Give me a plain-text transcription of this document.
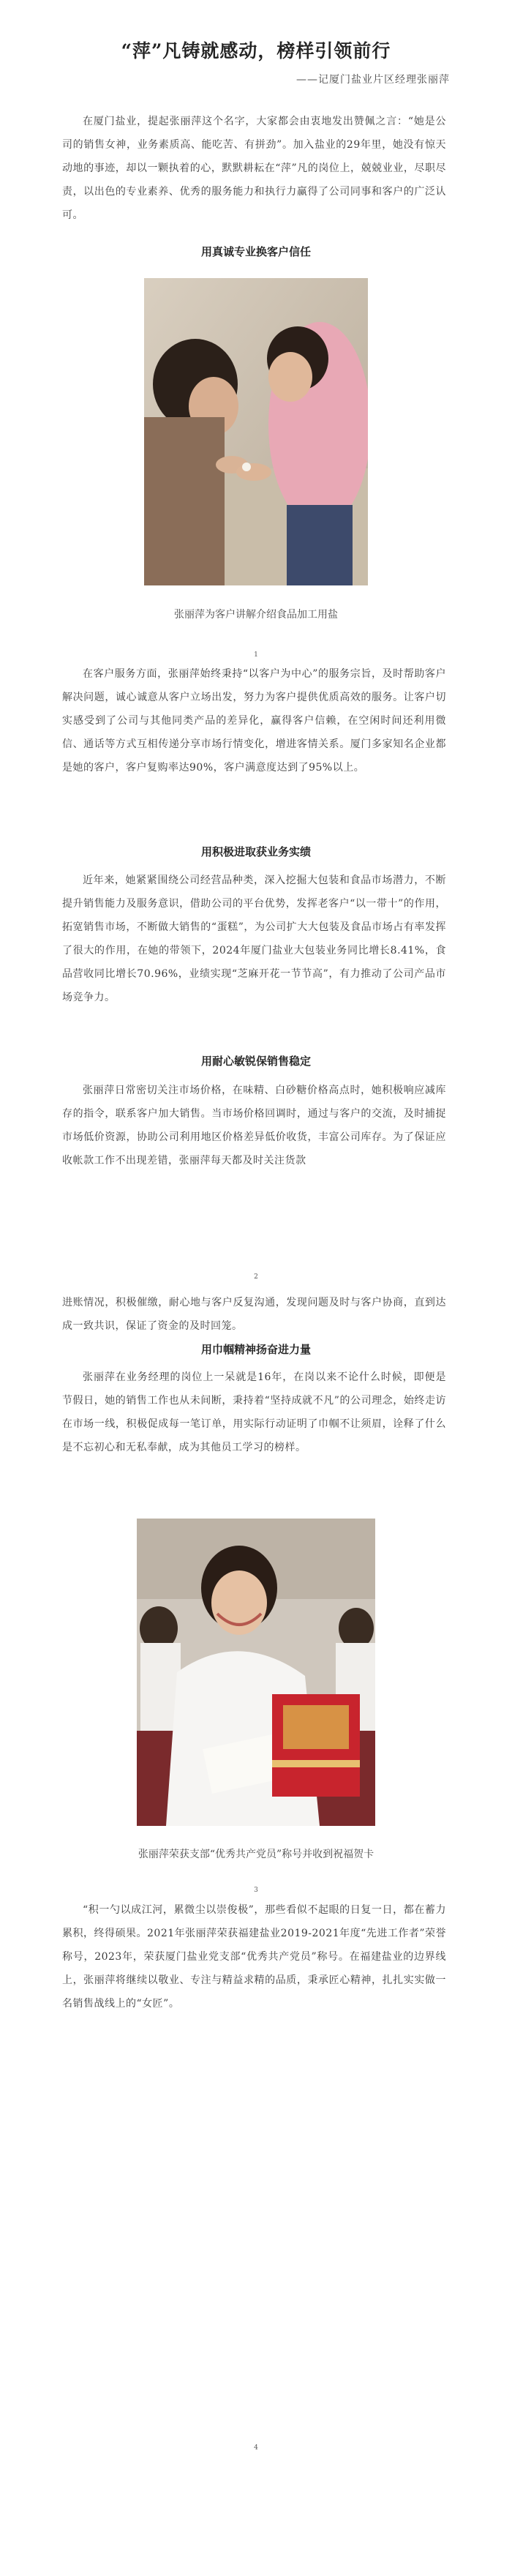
“萍”凡铸就感动，榜样引领前行
——记厦门盐业片区经理张丽萍

在厦门盐业，提起张丽萍这个名字，大家都会由衷地发出赞佩之言：“她是公司的销售女神，业务素质高、能吃苦、有拼劲”。加入盐业的29年里，她没有惊天动地的事迹，却以一颗执着的心，默默耕耘在“萍”凡的岗位上，兢兢业业，尽职尽责，以出色的专业素养、优秀的服务能力和执行力赢得了公司同事和客户的广泛认可。

用真诚专业换客户信任
张丽萍为客户讲解介绍食品加工用盐
1

在客户服务方面，张丽萍始终秉持“以客户为中心”的服务宗旨，及时帮助客户解决问题，诚心诚意从客户立场出发，努力为客户提供优质高效的服务。让客户切实感受到了公司与其他同类产品的差异化，赢得客户信赖，在空闲时间还利用微信、通话等方式互相传递分享市场行情变化，增进客情关系。厦门多家知名企业都是她的客户，客户复购率达90%，客户满意度达到了95%以上。

用积极进取获业务实绩

近年来，她紧紧围绕公司经营品种类，深入挖掘大包装和食品市场潜力，不断提升销售能力及服务意识，借助公司的平台优势，发挥老客户“以一带十”的作用，拓宽销售市场，不断做大销售的“蛋糕”，为公司扩大大包装及食品市场占有率发挥了很大的作用，在她的带领下，2024年厦门盐业大包装业务同比增长8.41%，食品营收同比增长70.96%，业绩实现“芝麻开花一节节高”，有力推动了公司产品市场竞争力。

用耐心敏锐保销售稳定

张丽萍日常密切关注市场价格，在味精、白砂糖价格高点时，她积极响应减库存的指令，联系客户加大销售。当市场价格回调时，通过与客户的交流，及时捕捉市场低价资源，协助公司利用地区价格差异低价收货，丰富公司库存。为了保证应收帐款工作不出现差错，张丽萍每天都及时关注货款

2

进账情况，积极催缴，耐心地与客户反复沟通，发现问题及时与客户协商，直到达成一致共识，保证了资金的及时回笼。

用巾帼精神扬奋进力量

张丽萍在业务经理的岗位上一呆就是16年，在岗以来不论什么时候，即便是节假日，她的销售工作也从未间断，秉持着“坚持成就不凡”的公司理念，始终走访在市场一线，积极促成每一笔订单，用实际行动证明了巾帼不让须眉，诠释了什么是不忘初心和无私奉献，成为其他员工学习的榜样。

张丽萍荣获支部“优秀共产党员”称号并收到祝福贺卡
3

“积一勺以成江河，累微尘以崇俊极”，那些看似不起眼的日复一日，都在蓄力累积，终得硕果。2021年张丽萍荣获福建盐业2019-2021年度“先进工作者”荣誉称号，2023年，荣获厦门盐业党支部“优秀共产党员”称号。在福建盐业的边界线上，张丽萍将继续以敬业、专注与精益求精的品质，秉承匠心精神，扎扎实实做一名销售战线上的“女匠”。

4
